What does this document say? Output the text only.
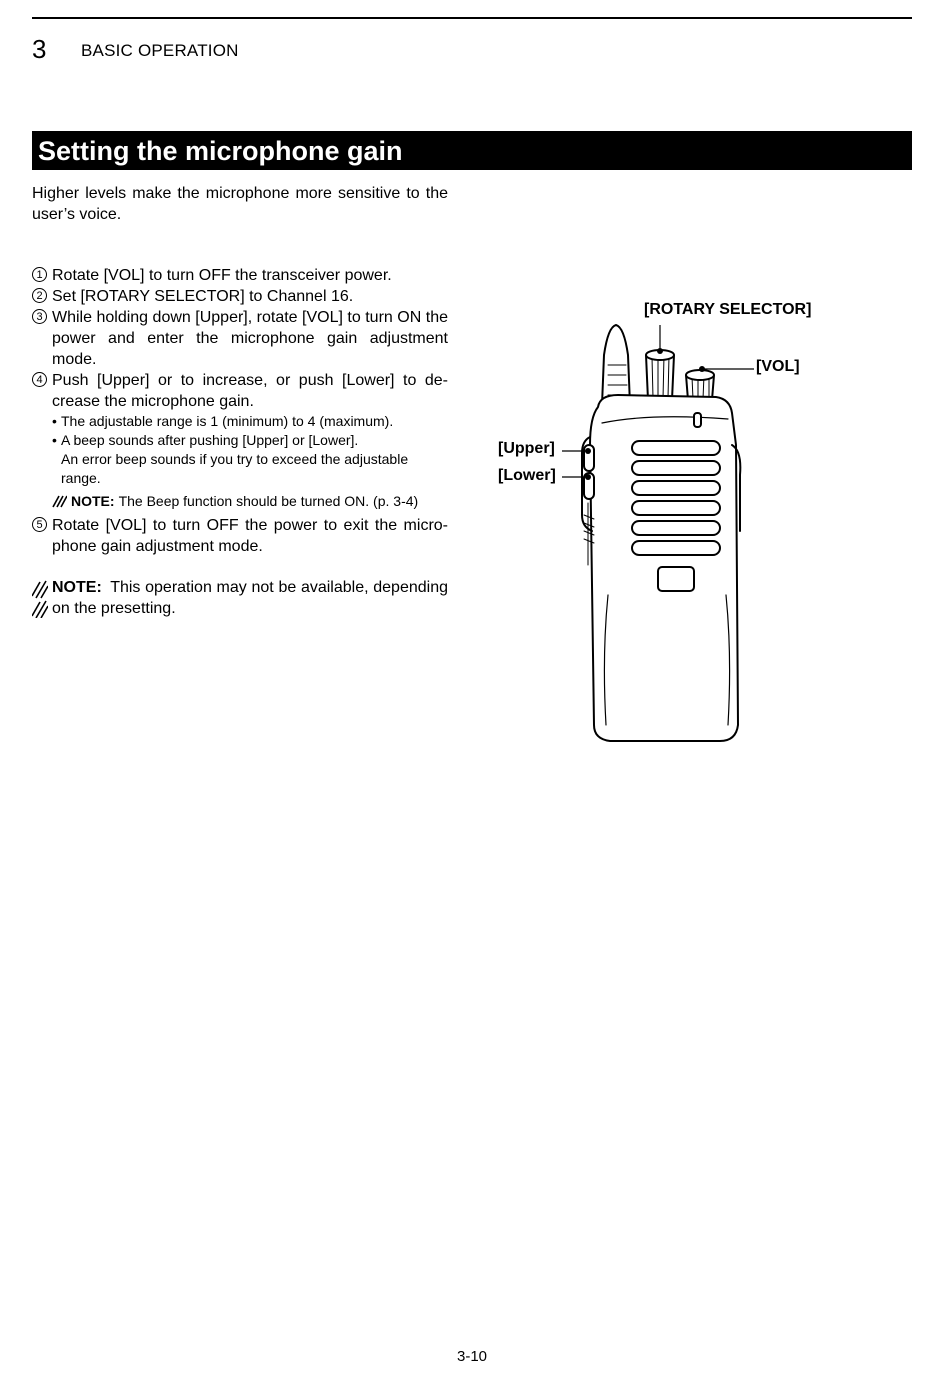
3 BASIC OPERATION
Setting the microphone gain
Higher levels make the microphone more sensitive to the user’s voice.
1 Rotate [VOL] to turn OFF the transceiver power.
2 Set [ROTARY SELECTOR] to Channel 16.
3 While holding down [Upper], rotate [VOL] to turn ON the power and enter the microphone gain adjustment mode.
4 Push [Upper] or to increase, or push [Lower] to decrease the microphone gain.
• The adjustable range is 1 (minimum) to 4 (maximum).
• A beep sounds after pushing [Upper] or [Lower].
An error beep sounds if you try to exceed the adjustable range.
NOTE: The Beep function should be turned ON. (p. 3-4)
5 Rotate [VOL] to turn OFF the power to exit the microphone gain adjustment mode.
NOTE: This operation may not be available, depending on the presetting.
[ROTARY SELECTOR]
[VOL]
[Upper]
[Lower]
3-10
